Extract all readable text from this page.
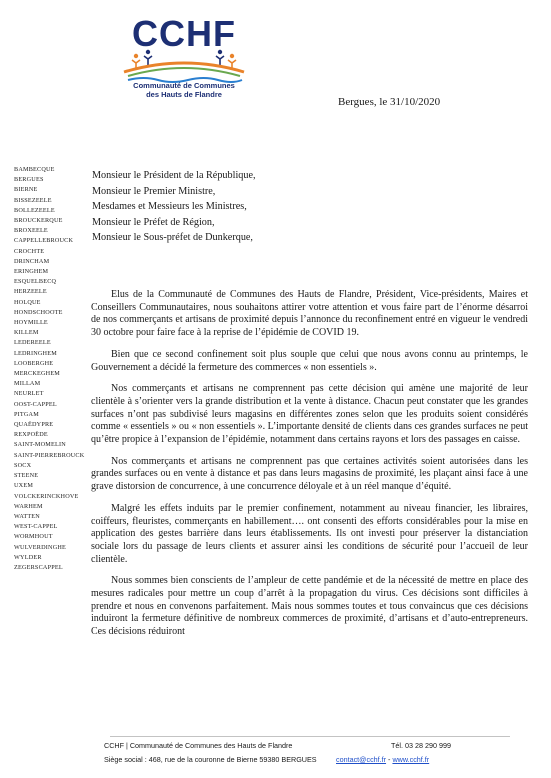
CCHF
Communauté de Communes
des Hauts de Flandre
Bergues, le 31/10/2020
BAMBECQUE
BERGUES
BIERNE
BISSEZEELE
BOLLEZEELE
BROUCKERQUE
BROXEELE
CAPPELLEBROUCK
CROCHTE
DRINCHAM
ERINGHEM
ESQUELBECQ
HERZEELE
HOLQUE
HONDSCHOOTE
HOYMILLE
KILLEM
LEDEREELE
LEDRINGHEM
LOOBERGHE
MERCKEGHEM
MILLAM
NEURLET
OOST-CAPPEL
PITGAM
QUAËDYPRE
REXPOËDE
SAINT-MOMELIN
SAINT-PIERREBROUCK
SOCX
STEENE
UXEM
VOLCKERINCKHOVE
WARHEM
WATTEN
WEST-CAPPEL
WORMHOUT
WULVERDINGHE
WYLDER
ZEGERSCAPPEL
Monsieur le Président de la République,
Monsieur le Premier Ministre,
Mesdames et Messieurs les Ministres,
Monsieur le Préfet de Région,
Monsieur le Sous-préfet de Dunkerque,

Elus de la Communauté de Communes des Hauts de Flandre, Président, Vice-présidents, Maires et Conseillers Communautaires, nous souhaitons attirer votre attention et vous faire part de l’énorme désarroi de nos commerçants et artisans de proximité depuis l’annonce du reconfinement entré en vigueur le vendredi 30 octobre pour faire face à la reprise de l’épidémie de COVID 19.

Bien que ce second confinement soit plus souple que celui que nous avons connu au printemps, le Gouvernement a décidé la fermeture des commerces « non essentiels ».

Nos commerçants et artisans ne comprennent pas cette décision qui amène une majorité de leur clientèle à s’orienter vers la grande distribution et la vente à distance. Chacun peut constater que les grandes surfaces n’ont pas subdivisé leurs magasins en différentes zones selon que les produits soient considérés comme « essentiels » ou « non essentiels ». L’importante densité de clients dans ces grandes surfaces ne peut qu’être propice à l’expansion de l’épidémie, notamment dans certains rayons et lors des passages en caisse.

Nos commerçants et artisans ne comprennent pas que certaines activités soient autorisées dans les grandes surfaces ou en vente à distance et pas dans leurs magasins de proximité, les plaçant ainsi face à une grave distorsion de concurrence, à une concurrence déloyale et à un réel manque d’équité.

Malgré les effets induits par le premier confinement, notamment au niveau financier, les libraires, coiffeurs, fleuristes, commerçants en habillement…. ont consenti des efforts considérables pour la mise en application des gestes barrière dans leurs établissements. Ils ont investi pour préserver la distanciation sociale lors du passage de leurs clients et assurer ainsi les conditions de sécurité pour l’accueil de leur clientèle.

Nous sommes bien conscients de l’ampleur de cette pandémie et de la nécessité de mettre en place des mesures radicales pour mettre un coup d’arrêt à la propagation du virus. Ces décisions sont difficiles à prendre et nous en convenons parfaitement. Mais nous sommes toutes et tous convaincus que ces décisions induiront la fermeture définitive de nombreux commerces de proximité, d’artisans et d’auto-entrepreneurs. Ces décisions réduiront

CCHF | Communauté de Communes des Hauts de Flandre	Tél. 03 28 290 999
Siège social : 468, rue de la couronne de Bierne 59380 BERGUES	contact@cchf.fr - www.cchf.fr
